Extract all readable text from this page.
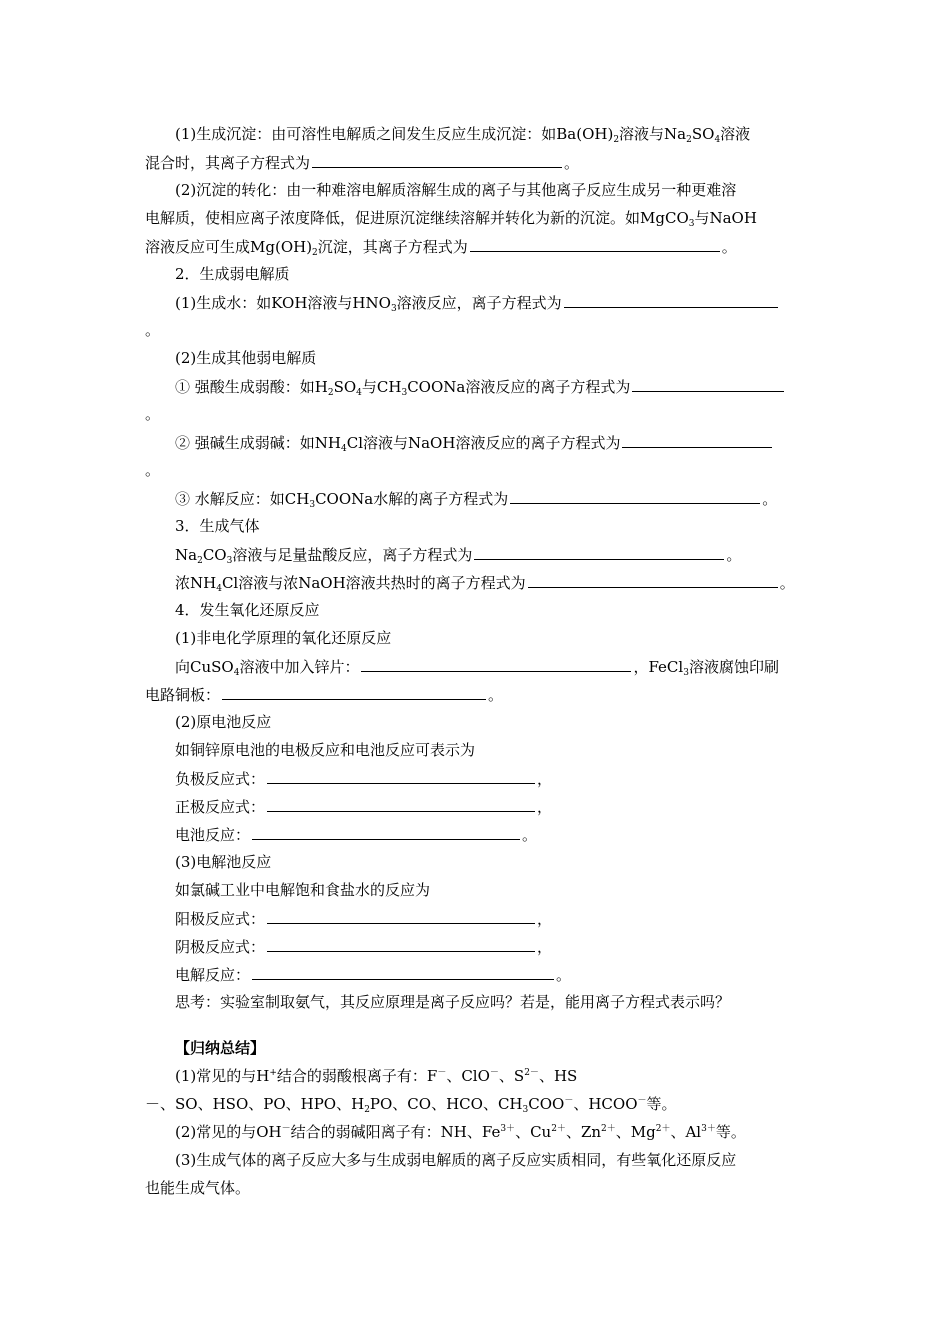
(1)生成沉淀：由可溶性电解质之间发生反应生成沉淀：如$Ba(OH)_2$溶液与$Na_2SO_4$溶液
混合时，其离子方程式为	。
(2)沉淀的转化：由一种难溶电解质溶解生成的离子与其他离子反应生成另一种更难溶
电解质，使相应离子浓度降低，促进原沉淀继续溶解并转化为新的沉淀。如MgCO$_3$与NaOH
溶液反应可生成$Mg(OH)_2$沉淀，其离子方程式为	。
2．生成弱电解质
(1)生成水：如KOH溶液与$HNO_3$溶液反应，离子方程式为
。
(2)生成其他弱电解质
① 强酸生成弱酸：如$H_2SO_4$与$CH_3COONa$溶液反应的离子方程式为
。
② 强碱生成弱碱：如$NH_4Cl$溶液与NaOH溶液反应的离子方程式为
。
③ 水解反应：如$CH_3COONa$水解的离子方程式为	。
3．生成气体
$Na_2CO_3$溶液与足量盐酸反应，离子方程式为	。
浓$NH_4Cl$溶液与浓NaOH溶液共热时的离子方程式为	。
4．发生氧化还原反应
(1)非电化学原理的氧化还原反应
向CuSO$_4$溶液中加入锌片：	，FeCl$_3$溶液腐蚀印刷
电路铜板：	。
(2)原电池反应
如铜锌原电池的电极反应和电池反应可表示为
负极反应式：	，
正极反应式：	，
电池反应：	。
(3)电解池反应
如氯碱工业中电解饱和食盐水的反应为
阳极反应式：	，
阴极反应式：	，
电解反应：	。
思考：实验室制取氨气，其反应原理是离子反应吗？若是，能用离子方程式表示吗？
【归纳总结】
(1)常见的与H+结合的弱酸根离子有：F－、ClO－、$S^{2-}$、HS
－、SO、HSO、PO、HPO、$H_2PO$、CO、HCO、$CH_3COO^-$、HCOO－等。
(2)常见的与OH－结合的弱碱阳离子有：NH、$Fe^{3+}$、$Cu^{2+}$、$Zn^{2+}$、$Mg^{2+}$、$Al^{3+}$等。
(3)生成气体的离子反应大多与生成弱电解质的离子反应实质相同，有些氧化还原反应
也能生成气体。
